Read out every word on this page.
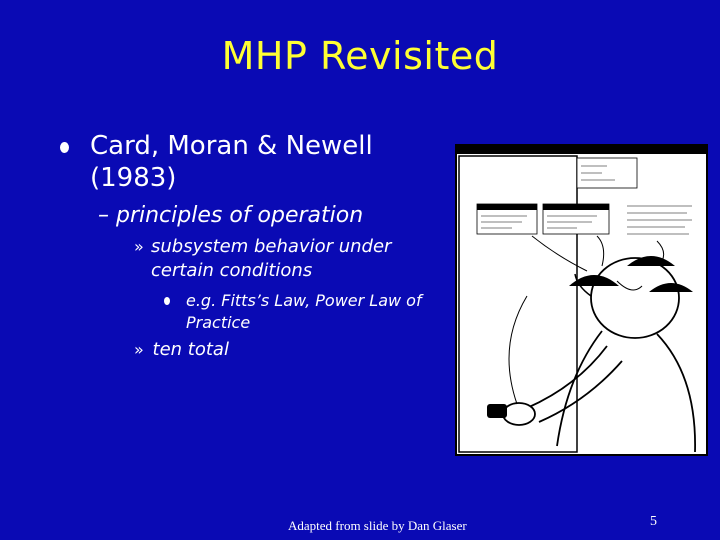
MHP Revisited
Card, Moran & Newell (1983)
– principles of operation
» subsystem behavior under certain conditions
e.g. Fitts’s Law, Power Law of Practice
» ten total
Adapted from slide by Dan Glaser	5
